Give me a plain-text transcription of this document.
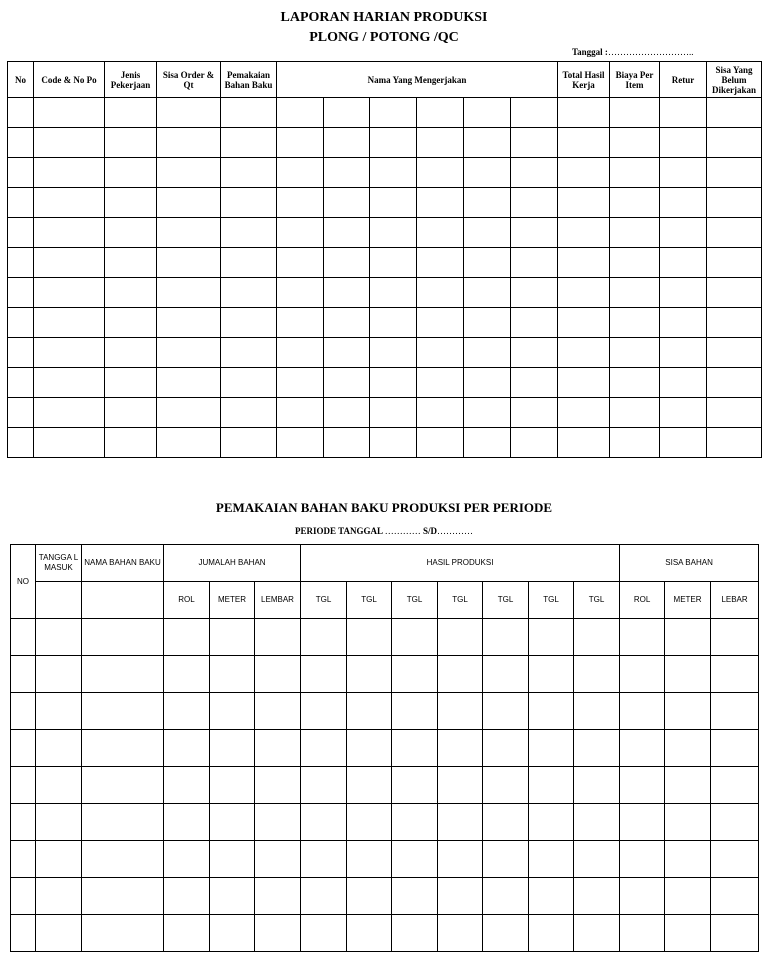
LAPORAN HARIAN PRODUKSI
PLONG / POTONG /QC
Tanggal :………………………..
No	Code & No Po	Jenis Pekerjaan	Sisa Order & Qt	Pemakaian Bahan Baku	Nama Yang Mengerjakan						Total Hasil Kerja	Biaya Per Item	Retur	Sisa Yang Belum Dikerjakan

PEMAKAIAN BAHAN BAKU PRODUKSI PER PERIODE
PERIODE TANGGAL ………… S/D…………
NO	TANGGA L MASUK	NAMA BAHAN BAKU	JUMALAH BAHAN			HASIL PRODUKSI							SISA BAHAN		
			ROL	METER	LEMBAR	TGL	TGL	TGL	TGL	TGL	TGL	TGL	ROL	METER	LEBAR
